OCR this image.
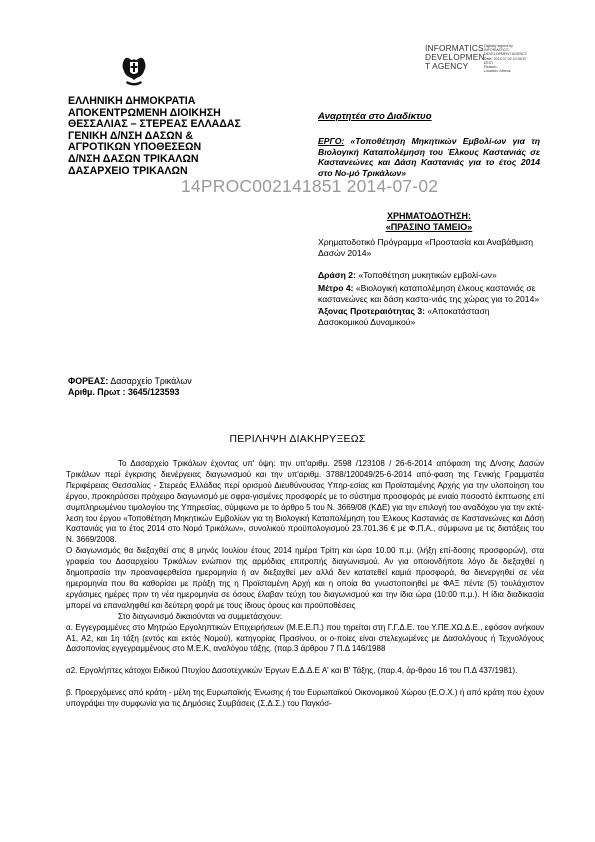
INFORMATICS
DEVELOPMEN
T AGENCY
Digitally signed by
INFORMATICS
DEVELOPMENT AGENCY
Date: 2014.07.02 10:36:57
EEST
Reason:
Location: Athens
ΕΛΛΗΝΙΚΗ ΔΗΜΟΚΡΑΤΙΑ
ΑΠΟΚΕΝΤΡΩΜΕΝΗ ΔΙΟΙΚΗΣΗ
ΘΕΣΣΑΛΙΑΣ – ΣΤΕΡΕΑΣ ΕΛΛΑΔΑΣ
ΓΕΝΙΚΗ Δ/ΝΣΗ ΔΑΣΩΝ &
ΑΓΡΟΤΙΚΩΝ ΥΠΟΘΕΣΕΩΝ
Δ/ΝΣΗ ΔΑΣΩΝ ΤΡΙΚΑΛΩΝ
ΔΑΣΑΡΧΕΙΟ ΤΡΙΚΑΛΩΝ
Αναρτητέα στο Διαδίκτυο
ΕΡΓΟ: «Τοποθέτηση Μηκητικών Εμβολί-ων για τη Βιολογική Καταπολέμηση του Έλκους Καστανιάς σε Καστανεώνες και Δάση Καστανιάς για το έτος 2014 στο Νο-μό Τρικάλων»
14PROC002141851 2014-07-02
ΧΡΗΜΑΤΟΔΟΤΗΣΗ:
«ΠΡΑΣΙΝΟ ΤΑΜΕΙΟ»
Χρηματοδοτικό Πρόγραμμα «Προστασία και Αναβάθμιση Δασών 2014»

Δράση 2: «Τοποθέτηση μυκητικών εμβολί-ων»

Μέτρο 4: «Βιολογική καταπολέμηση έλκους καστανιάς σε καστανεώνες και δάση καστα-νιάς της χώρας για το 2014»

Άξονας Προτεραιότητας 3: «Αποκατάσταση Δασοκομικού Δυναμικού»

ΦΟΡΕΑΣ: Δασαρχείο Τρικάλων
Αριθμ. Πρωτ : 3645/123593
ΠΕΡΙΛΗΨΗ ΔΙΑΚΗΡΥΞΕΩΣ

Το Δασαρχείο Τρικάλων έχοντας υπ' όψη: την υπ'αριθμ. 2598 /123108 / 26-6-2014 απόφαση της Δ/νσης Δασών Τρικάλων περί έγκρισης διενέργειας διαγωνισμού και την υπ'αριθμ. 3788/120049/25-6-2014 από-φαση της Γενικής Γραμματέα Περιφέρειας Θεσσαλίας - Στερεάς Ελλάδας περί ορισμού Διευθύνουσας Υπηρ-εσίας και Προϊσταμένης Αρχής για την υλοποίηση του έργου, προκηρύσσει πρόχειρο διαγωνισμό με σφρα-γισμένες προσφορές με το σύστημα προσφοράς με ενιαίο ποσοστό έκπτωσης επί συμπληρωμένου τιμολογίου της Υπηρεσίας, σύμφωνα με το άρθρο 5 του Ν. 3669/08 (ΚΔΕ) για την επιλογή του αναδόχου για την εκτέ-λεση του έργου «Τοποθέτηση Μηκητικών Εμβολίων για τη Βιολογική Καταπολέμηση του Έλκους Καστανιάς σε Καστανεώνες και Δάση Καστανιάς για το έτος 2014 στο Νομό Τρικάλων», συνολικού προϋπολογισμού 23.701,36 € με Φ.Π.Α., σύμφωνα με τις διατάξεις του Ν. 3669/2008.

Ο διαγωνισμός θα διεξαχθεί στις 8 μηνός Ιουλίου έτους 2014 ημέρα Τρίτη και ώρα 10.00 π.μ. (λήξη επί-δοσης προσφορών), στα γραφεία του Δασαρχείου Τρικάλων ενώπιον της αρμόδιας επιτροπής διαγωνισμού. Αν για οποιονδήποτε λόγο δε διεξαχθεί η δημοπρασία την προαναφερθείσα ημερομηνία ή αν διεξαχθεί μεν αλλά δεν κατατεθεί καμιά προσφορά, θα διενεργηθεί σε νέα ημερομηνία που θα καθορίσει με πράξη της η Προϊσταμένη Αρχή και η οποία θα γνωστοποιηθεί με ΦΑΞ πέντε (5) τουλάχιστον εργάσιμες ημέρες πριν τη νέα ημερομηνία σε όσους έλαβαν τεύχη του διαγωνισμού και την ίδια ώρα (10:00 π.μ.). Η ίδια διαδικασία μπορεί να επαναληφθεί και δεύτερη φορά με τους ίδιους όρους και προϋποθέσεις

Στο διαγωνισμό δικαιούνται να συμμετάσχουν:

α. Εγγεγραμμένες στο Μητρώο Εργοληπτικών Επιχειρήσεων (Μ.Ε.Ε.Π.) που τηρείται στη Γ.Γ.Δ.Ε. του Υ.ΠΕ.ΧΩ.Δ.Ε., εφόσον ανήκουν Α1, Α2, και 1η τάξη (εντός και εκτός Νομού), κατηγορίας Πρασίνου, οι ο-ποίες είναι στελεχωμένες με Δασολόγους ή Τεχνολόγους Δασοπονίας εγγεγραμμένους στο Μ.Ε.Κ, αναλόγου τάξης. (παρ.3 άρθρου 7 Π.Δ 146/1988

α2. Εργολήπτες κάτοχοι Ειδικού Πτυχίου Δασοτεχνικών Έργων Ε.Δ.Δ.Ε Α' και Β' Τάξης, (παρ.4, άρ-θρου 16 του Π.Δ 437/1981).

β. Προερχόμενες από κράτη - μέλη της Ευρωπαϊκής Ένωσης ή του Ευρωπαϊκού Οικονομικού Χώρου (Ε.Ο.Χ.) ή από κράτη που έχουν υπογράψει την συμφωνία για τις Δημόσιες Συμβάσεις (Σ.Δ.Σ.) του Παγκόσ-
